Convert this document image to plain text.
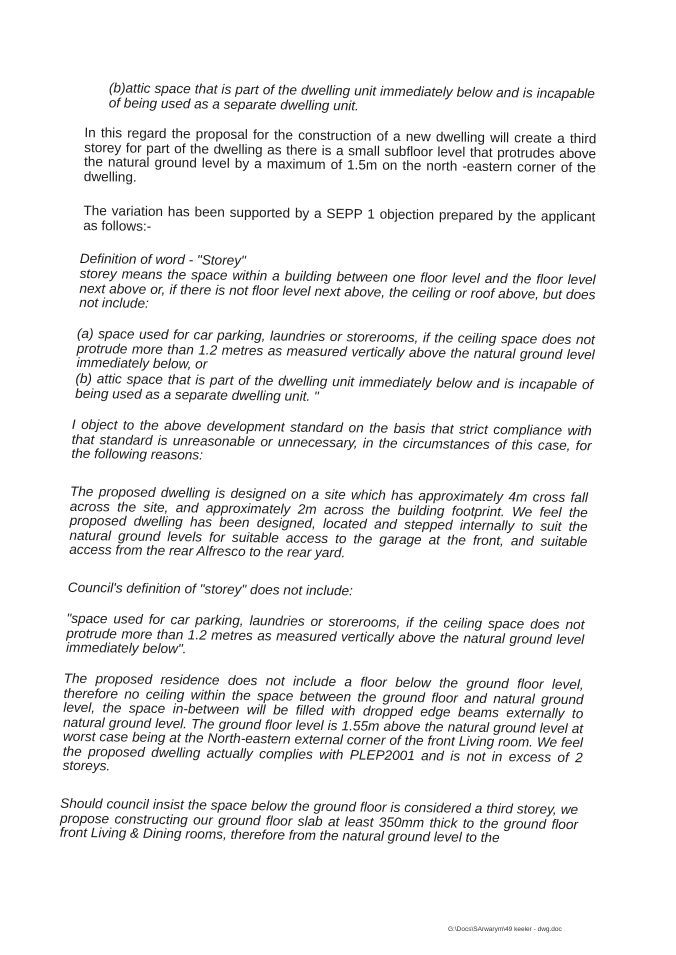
(b)attic space that is part of the dwelling unit immediately below and is incapable of being used as a separate dwelling unit.

In this regard the proposal for the construction of a new dwelling will create a third storey for part of the dwelling as there is a small subfloor level that protrudes above the natural ground level by a maximum of 1.5m on the north -eastern corner of the dwelling.

The variation has been supported by a SEPP 1 objection prepared by the applicant as follows:-

Definition of word - "Storey"

storey means the space within a building between one floor level and the floor level next above or, if there is not floor level next above, the ceiling or roof above, but does not include:

(a) space used for car parking, laundries or storerooms, if the ceiling space does not protrude more than 1.2 metres as measured vertically above the natural ground level immediately below, or

(b) attic space that is part of the dwelling unit immediately below and is incapable of being used as a separate dwelling unit. "

I object to the above development standard on the basis that strict compliance with that standard is unreasonable or unnecessary, in the circumstances of this case, for the following reasons:

The proposed dwelling is designed on a site which has approximately 4m cross fall across the site, and approximately 2m across the building footprint. We feel the proposed dwelling has been designed, located and stepped internally to suit the natural ground levels for suitable access to the garage at the front, and suitable access from the rear Alfresco to the rear yard.

Council's definition of "storey" does not include:

"space used for car parking, laundries or storerooms, if the ceiling space does not protrude more than 1.2 metres as measured vertically above the natural ground level immediately below".

The proposed residence does not include a floor below the ground floor level, therefore no ceiling within the space between the ground floor and natural ground level, the space in-between will be filled with dropped edge beams externally to natural ground level. The ground floor level is 1.55m above the natural ground level at worst case being at the North-eastern external corner of the front Living room. We feel the proposed dwelling actually complies with PLEP2001 and is not in excess of 2 storeys.

Should council insist the space below the ground floor is considered a third storey, we propose constructing our ground floor slab at least 350mm thick to the ground floor front Living & Dining rooms, therefore from the natural ground level to the

G:\Docs\SArwarym\49 keeler - dwg.doc
